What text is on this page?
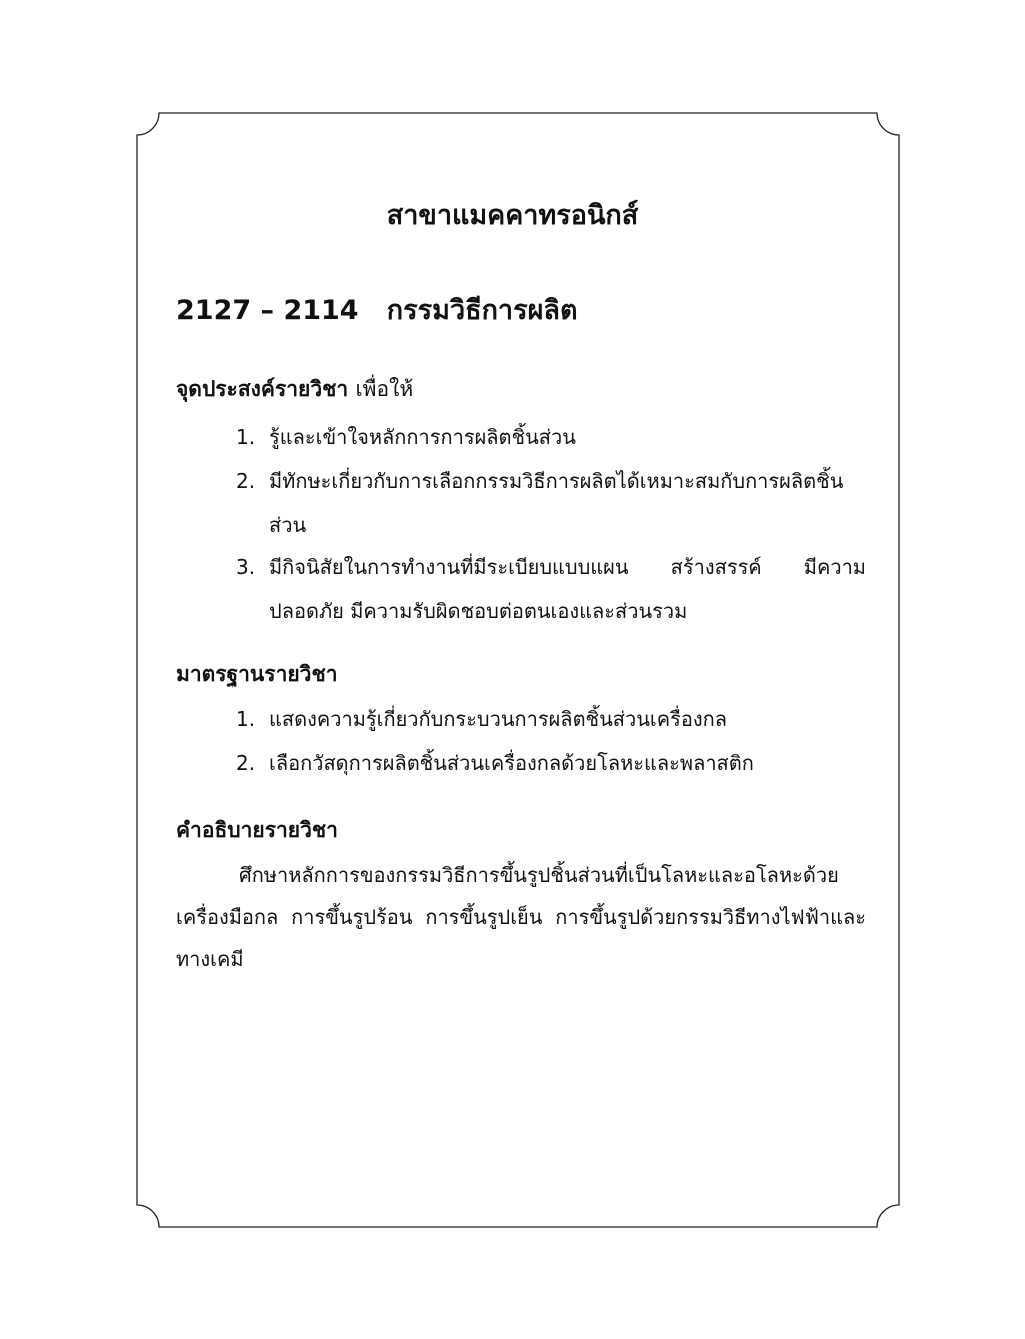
สาขาแมคคาทรอนิกส์
2127 – 2114 กรรมวิธีการผลิต
จุดประสงค์รายวิชา เพื่อให้
1. รู้และเข้าใจหลักการการผลิตชิ้นส่วน
2. มีทักษะเกี่ยวกับการเลือกกรรมวิธีการผลิตได้เหมาะสมกับการผลิตชิ้นส่วน
3. มีกิจนิสัยในการทำงานที่มีระเบียบแบบแผน สร้างสรรค์ มีความปลอดภัย มีความรับผิดชอบต่อตนเองและส่วนรวม
มาตรฐานรายวิชา
1. แสดงความรู้เกี่ยวกับกระบวนการผลิตชิ้นส่วนเครื่องกล
2. เลือกวัสดุการผลิตชิ้นส่วนเครื่องกลด้วยโลหะและพลาสติก
คำอธิบายรายวิชา
ศึกษาหลักการของกรรมวิธีการขึ้นรูปชิ้นส่วนที่เป็นโลหะและอโลหะด้วยเครื่องมือกล การขึ้นรูปร้อน การขึ้นรูปเย็น การขึ้นรูปด้วยกรรมวิธีทางไฟฟ้าและทางเคมี
